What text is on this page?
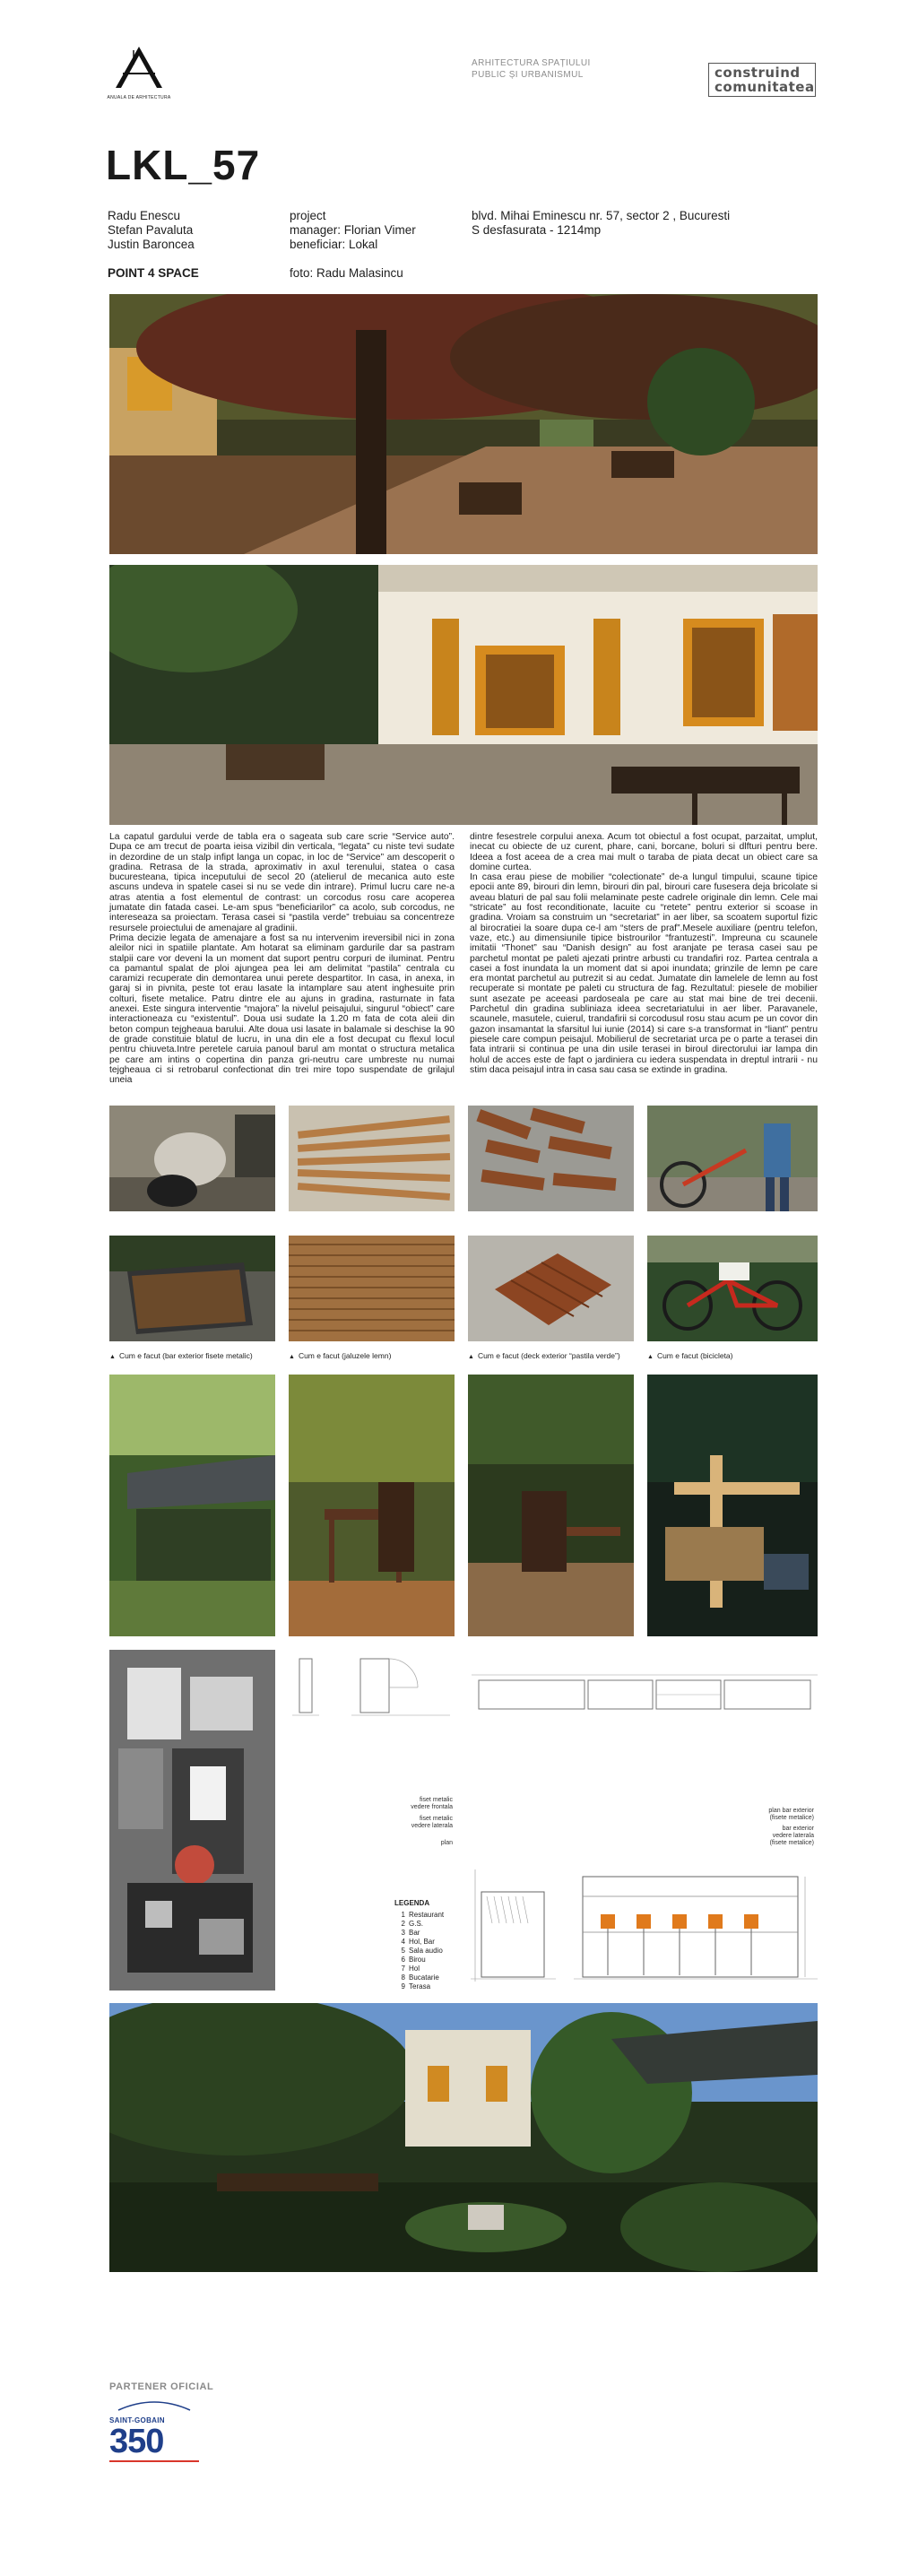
ANUALA DE ARHITECTURA
ARHITECTURA SPAȚIULUI
PUBLIC ȘI URBANISMUL	construind
comunitatea
LKL_57
Radu Enescu
Stefan Pavaluta
Justin Baroncea
POINT 4 SPACE
project
manager: Florian Vimer
beneficiar: Lokal
foto: Radu Malasincu
blvd. Mihai Eminescu nr. 57, sector 2 , Bucuresti
S desfasurata - 1214mp

La capatul gardului verde de tabla era o sageata sub care scrie “Service auto”. Dupa ce am trecut de poarta ieisa vizibil din verticala, “legata” cu niste tevi sudate in dezordine de un stalp infipt langa un copac, in loc de “Service” am descoperit o gradina. Retrasa de la strada, aproximativ in axul terenului, statea o casa bucuresteana, tipica inceputului de secol 20 (atelierul de mecanica auto este ascuns undeva in spatele casei si nu se vede din intrare). Primul lucru care ne-a atras atentia a fost elementul de contrast: un corcodus rosu care acoperea jumatate din fatada casei. Le-am spus “beneficiarilor” ca acolo, sub corcodus, ne intereseaza sa proiectam. Terasa casei si “pastila verde” trebuiau sa concentreze resursele proiectului de amenajare al gradinii.

Prima decizie legata de amenajare a fost sa nu intervenim ireversibil nici in zona aleilor nici in spatiile plantate. Am hotarat sa eliminam gardurile dar sa pastram stalpii care vor deveni la un moment dat suport pentru corpuri de iluminat. Pentru ca pamantul spalat de ploi ajungea pea lei am delimitat “pastila” centrala cu caramizi recuperate din demontarea unui perete despartitor. In casa, in anexa, in garaj si in pivnita, peste tot erau lasate la intamplare sau atent inghesuite prin colturi, fisete metalice. Patru dintre ele au ajuns in gradina, rasturnate in fata anexei. Este singura interventie “majora” la nivelul peisajului, singurul “obiect” care interactioneaza cu “existentul”. Doua usi sudate la 1.20 m fata de cota aleii din beton compun tejgheaua barului. Alte doua usi lasate in balamale si deschise la 90 de grade constituie blatul de lucru, in una din ele a fost decupat cu flexul locul pentru chiuveta.Intre peretele caruia panoul barul am montat o structura metalica pe care am intins o copertina din panza gri-neutru care umbreste nu numai tejgheaua ci si retrobarul confectionat din trei mire topo suspendate de grilajul uneia

dintre fesestrele corpului anexa. Acum tot obiectul a fost ocupat, parzaitat, umplut, inecat cu obiecte de uz curent, phare, cani, borcane, boluri si dlfturi pentru bere. Ideea a fost aceea de a crea mai mult o taraba de piata decat un obiect care sa domine curtea.

In casa erau piese de mobilier “colectionate” de-a lungul timpului, scaune tipice epocii ante 89, birouri din lemn, birouri din pal, birouri care fusesera deja bricolate si aveau blaturi de pal sau folii melaminate peste cadrele originale din lemn. Cele mai “stricate” au fost reconditionate, lacuite cu “retete” pentru exterior si scoase in gradina. Vroiam sa construim un “secretariat” in aer liber, sa scoatem suportul fizic al birocratiei la soare dupa ce-l am “sters de praf”.Mesele auxiliare (pentru telefon, vaze, etc.) au dimensiunile tipice bistrourilor “frantuzesti”. Impreuna cu scaunele imitatii “Thonet” sau “Danish design” au fost aranjate pe terasa casei sau pe parchetul montat pe paleti ajezati printre arbusti cu trandafiri roz. Partea centrala a casei a fost inundata la un moment dat si apoi inundata; grinzile de lemn pe care era montat parchetul au putrezit si au cedat. Jumatate din lamelele de lemn au fost recuperate si montate pe paleti cu structura de fag. Rezultatul: piesele de mobilier sunt asezate pe aceeasi pardoseala pe care au stat mai bine de trei decenii. Parchetul din gradina subliniaza ideea secretariatului in aer liber. Paravanele, scaunele, masutele, cuierul, trandafirii si corcodusul rosu stau acum pe un covor din gazon insamantat la sfarsitul lui iunie (2014) si care s-a transformat in “liant” pentru piesele care compun peisajul. Mobilierul de secretariat urca pe o parte a terasei din fata intrarii si continua pe una din usile terasei in biroul directorului iar lampa din holul de acces este de fapt o jardiniera cu iedera suspendata in dreptul intrarii - nu stim daca peisajul intra in casa sau casa se extinde in gradina.

▲ Cum e facut (bar exterior fisete metalic)	▲ Cum e facut (jaluzele lemn)	▲ Cum e facut (deck exterior “pastila verde”)	▲ Cum e facut (bicicleta)
fiset metalic
vedere frontala
fiset metalic
vedere laterala
plan
plan bar exterior
(fisete metalice)
bar exterior
vedere laterala
(fisete metalice)
LEGENDA
1 Restaurant
2 G.S.
3 Bar
4 Hol, Bar
5 Sala audio
6 Birou
7 Hol
8 Bucatarie
9 Terasa
PARTENER OFICIAL
SAINT-GOBAIN
350
